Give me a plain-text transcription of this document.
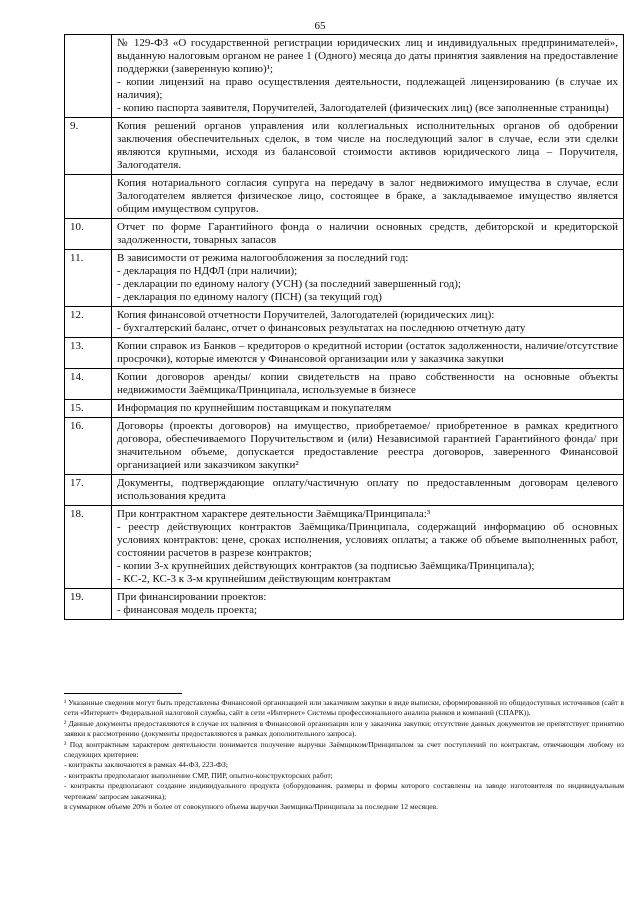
65

	№ 129-ФЗ «О государственной регистрации юридических лиц и индивидуальных предпринимателей», выданную налоговым органом не ранее 1 (Одного) месяца до даты принятия заявления на предоставление поддержки (заверенную копию)¹;
- копии лицензий на право осуществления деятельности, подлежащей лицензированию (в случае их наличия);
- копию паспорта заявителя, Поручителей, Залогодателей (физических лиц) (все заполненные страницы)

9.	Копия решений органов управления или коллегиальных исполнительных органов об одобрении заключения обеспечительных сделок, в том числе на последующий залог в случае, если эти сделки являются крупными, исходя из балансовой стоимости активов юридического лица – Поручителя, Залогодателя.

	Копия нотариального согласия супруга на передачу в залог недвижимого имущества в случае, если Залогодателем является физическое лицо, состоящее в браке, а закладываемое имущество является общим имуществом супругов.

10.	Отчет по форме Гарантийного фонда о наличии основных средств, дебиторской и кредиторской задолженности, товарных запасов

11.	В зависимости от режима налогообложения за последний год:
- декларация по НДФЛ (при наличии);
- декларации по единому налогу (УСН) (за последний завершенный год);
- декларация по единому налогу (ПСН) (за текущий год)

12.	Копия финансовой отчетности Поручителей, Залогодателей (юридических лиц):
- бухгалтерский баланс, отчет о финансовых результатах на последнюю отчетную дату

13.	Копии справок из Банков – кредиторов о кредитной истории (остаток задолженности, наличие/отсутствие просрочки), которые имеются у Финансовой организации или у заказчика закупки

14.	Копии договоров аренды/ копии свидетельств на право собственности на основные объекты недвижимости Заёмщика/Принципала, используемые в бизнесе

15.	Информация по крупнейшим поставщикам и покупателям

16.	Договоры (проекты договоров) на имущество, приобретаемое/ приобретенное в рамках кредитного договора, обеспечиваемого Поручительством и (или) Независимой гарантией Гарантийного фонда/ при значительном объеме, допускается предоставление реестра договоров, заверенного Финансовой организацией или заказчиком закупки²

17.	Документы, подтверждающие оплату/частичную оплату по предоставленным договорам целевого использования кредита

18.	При контрактном характере деятельности Заёмщика/Принципала:³
- реестр действующих контрактов Заёмщика/Принципала, содержащий информацию об основных условиях контрактов: цене, сроках исполнения, условиях оплаты; а также об объеме выполненных работ, состоянии расчетов в разрезе контрактов;
- копии 3-х крупнейших действующих контрактов (за подписью Заёмщика/Принципала);
- КС-2, КС-3 к 3-м крупнейшим действующим контрактам

19.	При финансировании проектов:
- финансовая модель проекта;
¹ Указанные сведения могут быть представлены Финансовой организацией или заказчиком закупки в виде выписки, сформированной из общедоступных источников (сайт в сети «Интернет» Федеральной налоговой службы, сайт в сети «Интернет» Системы профессионального анализа рынков и компаний (СПАРК)).
² Данные документы предоставляются в случае их наличия в Финансовой организации или у заказчика закупки; отсутствие данных документов не препятствует принятию заявки к рассмотрению (документы предоставляются в рамках дополнительного запроса).
³ Под контрактным характером деятельности понимается получение выручки Заёмщиком/Принципалом за счет поступлений по контрактам, отвечающим любому из следующих критериев:
- контракты заключаются в рамках 44-ФЗ, 223-ФЗ;
- контракты предполагают выполнение СМР, ПИР, опытно-конструкторских работ;
- контракты предполагают создание индивидуального продукта (оборудования, размеры и формы которого составлены на заводе изготовителя по индивидуальным чертежам/ запросам заказчика);
в суммарном объеме 20% и более от совокупного объема выручки Заемщика/Принципала за последние 12 месяцев.
